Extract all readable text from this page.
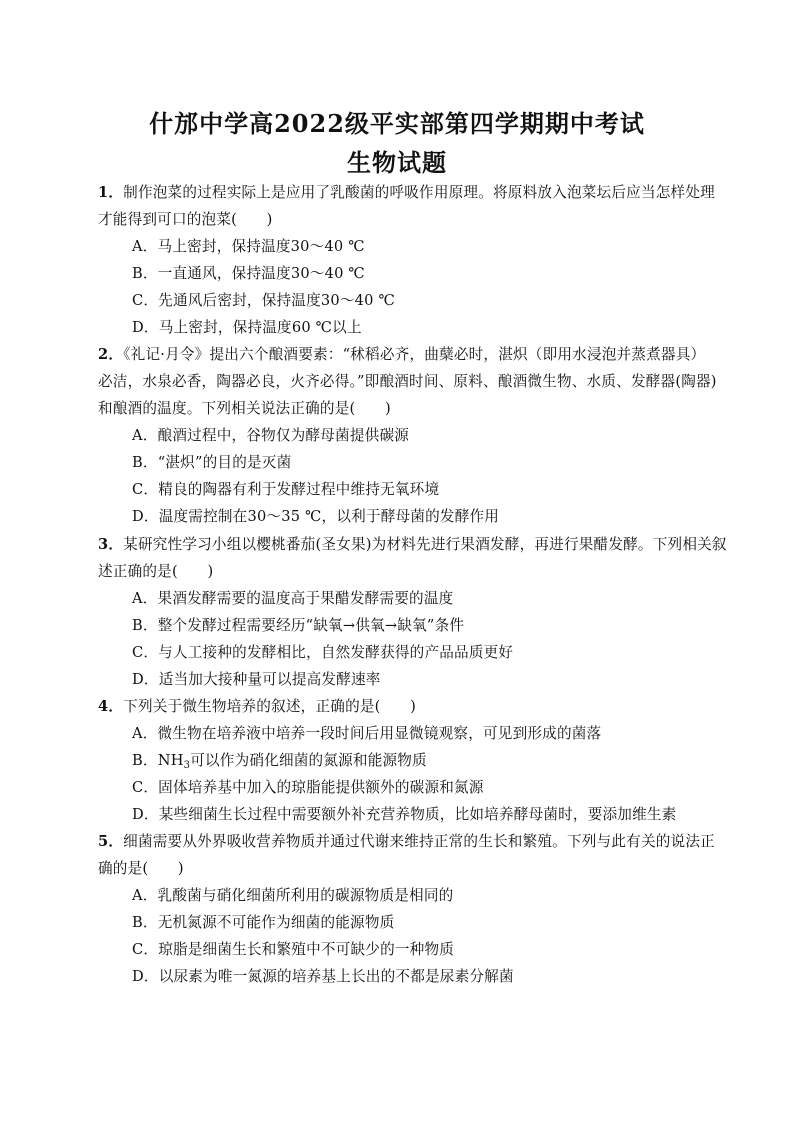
什邡中学高2022级平实部第四学期期中考试
生物试题
1．制作泡菜的过程实际上是应用了乳酸菌的呼吸作用原理。将原料放入泡菜坛后应当怎样处理
才能得到可口的泡菜(　　)
A．马上密封，保持温度30～40 ℃
B．一直通风，保持温度30～40 ℃
C．先通风后密封，保持温度30～40 ℃
D．马上密封，保持温度60 ℃以上
2．《礼记·月令》提出六个酿酒要素：“秫稻必齐，曲蘖必时，湛炽（即用水浸泡并蒸煮器具）
必洁，水泉必香，陶器必良，火齐必得。”即酿酒时间、原料、酿酒微生物、水质、发酵器(陶器)
和酿酒的温度。下列相关说法正确的是(　　)
A．酿酒过程中，谷物仅为酵母菌提供碳源
B．“湛炽”的目的是灭菌
C．精良的陶器有利于发酵过程中维持无氧环境
D．温度需控制在30～35 ℃，以利于酵母菌的发酵作用
3．某研究性学习小组以樱桃番茄(圣女果)为材料先进行果酒发酵，再进行果醋发酵。下列相关叙
述正确的是(　　)
A．果酒发酵需要的温度高于果醋发酵需要的温度
B．整个发酵过程需要经历“缺氧→供氧→缺氧”条件
C．与人工接种的发酵相比，自然发酵获得的产品品质更好
D．适当加大接种量可以提高发酵速率
4．下列关于微生物培养的叙述，正确的是(　　)
A．微生物在培养液中培养一段时间后用显微镜观察，可见到形成的菌落
B．$NH_3$可以作为硝化细菌的氮源和能源物质
C．固体培养基中加入的琼脂能提供额外的碳源和氮源
D．某些细菌生长过程中需要额外补充营养物质，比如培养酵母菌时，要添加维生素
5．细菌需要从外界吸收营养物质并通过代谢来维持正常的生长和繁殖。下列与此有关的说法正
确的是(　　)
A．乳酸菌与硝化细菌所利用的碳源物质是相同的
B．无机氮源不可能作为细菌的能源物质
C．琼脂是细菌生长和繁殖中不可缺少的一种物质
D．以尿素为唯一氮源的培养基上长出的不都是尿素分解菌
